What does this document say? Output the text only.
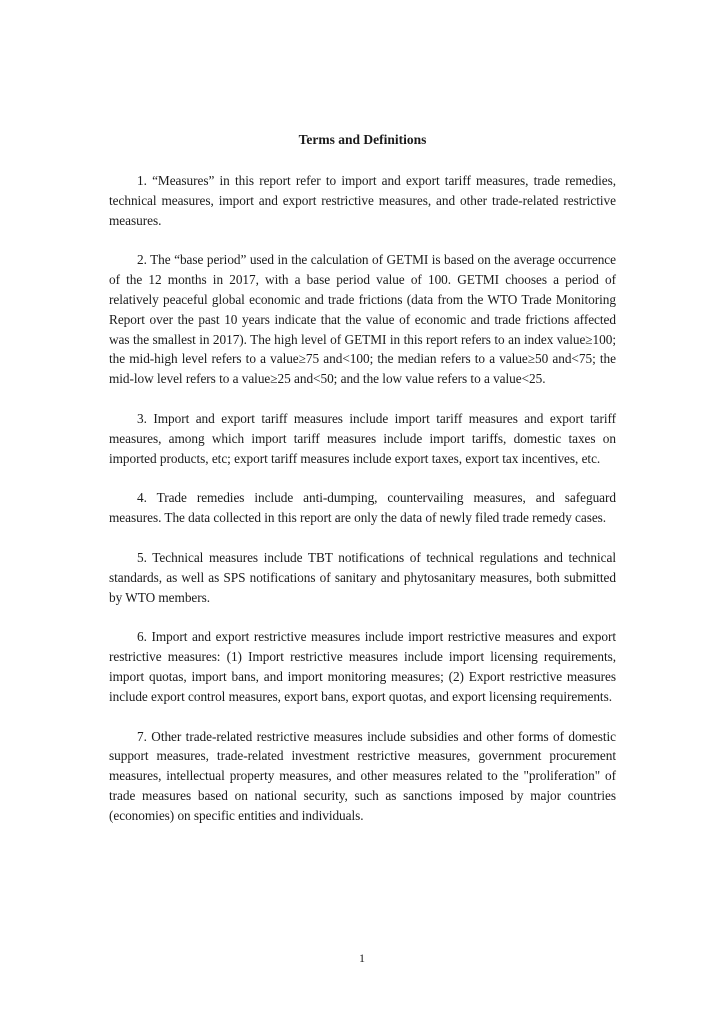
Terms and Definitions

1. “Measures” in this report refer to import and export tariff measures, trade remedies, technical measures, import and export restrictive measures, and other trade-related restrictive measures.

2. The “base period” used in the calculation of GETMI is based on the average occurrence of the 12 months in 2017, with a base period value of 100. GETMI chooses a period of relatively peaceful global economic and trade frictions (data from the WTO Trade Monitoring Report over the past 10 years indicate that the value of economic and trade frictions affected was the smallest in 2017). The high level of GETMI in this report refers to an index value≥100; the mid-high level refers to a value≥75 and<100; the median refers to a value≥50 and<75; the mid-low level refers to a value≥25 and<50; and the low value refers to a value<25.

3. Import and export tariff measures include import tariff measures and export tariff measures, among which import tariff measures include import tariffs, domestic taxes on imported products, etc; export tariff measures include export taxes, export tax incentives, etc.

4. Trade remedies include anti-dumping, countervailing measures, and safeguard measures. The data collected in this report are only the data of newly filed trade remedy cases.

5. Technical measures include TBT notifications of technical regulations and technical standards, as well as SPS notifications of sanitary and phytosanitary measures, both submitted by WTO members.

6. Import and export restrictive measures include import restrictive measures and export restrictive measures: (1) Import restrictive measures include import licensing requirements, import quotas, import bans, and import monitoring measures; (2) Export restrictive measures include export control measures, export bans, export quotas, and export licensing requirements.

7. Other trade-related restrictive measures include subsidies and other forms of domestic support measures, trade-related investment restrictive measures, government procurement measures, intellectual property measures, and other measures related to the "proliferation" of trade measures based on national security, such as sanctions imposed by major countries (economies) on specific entities and individuals.

1
